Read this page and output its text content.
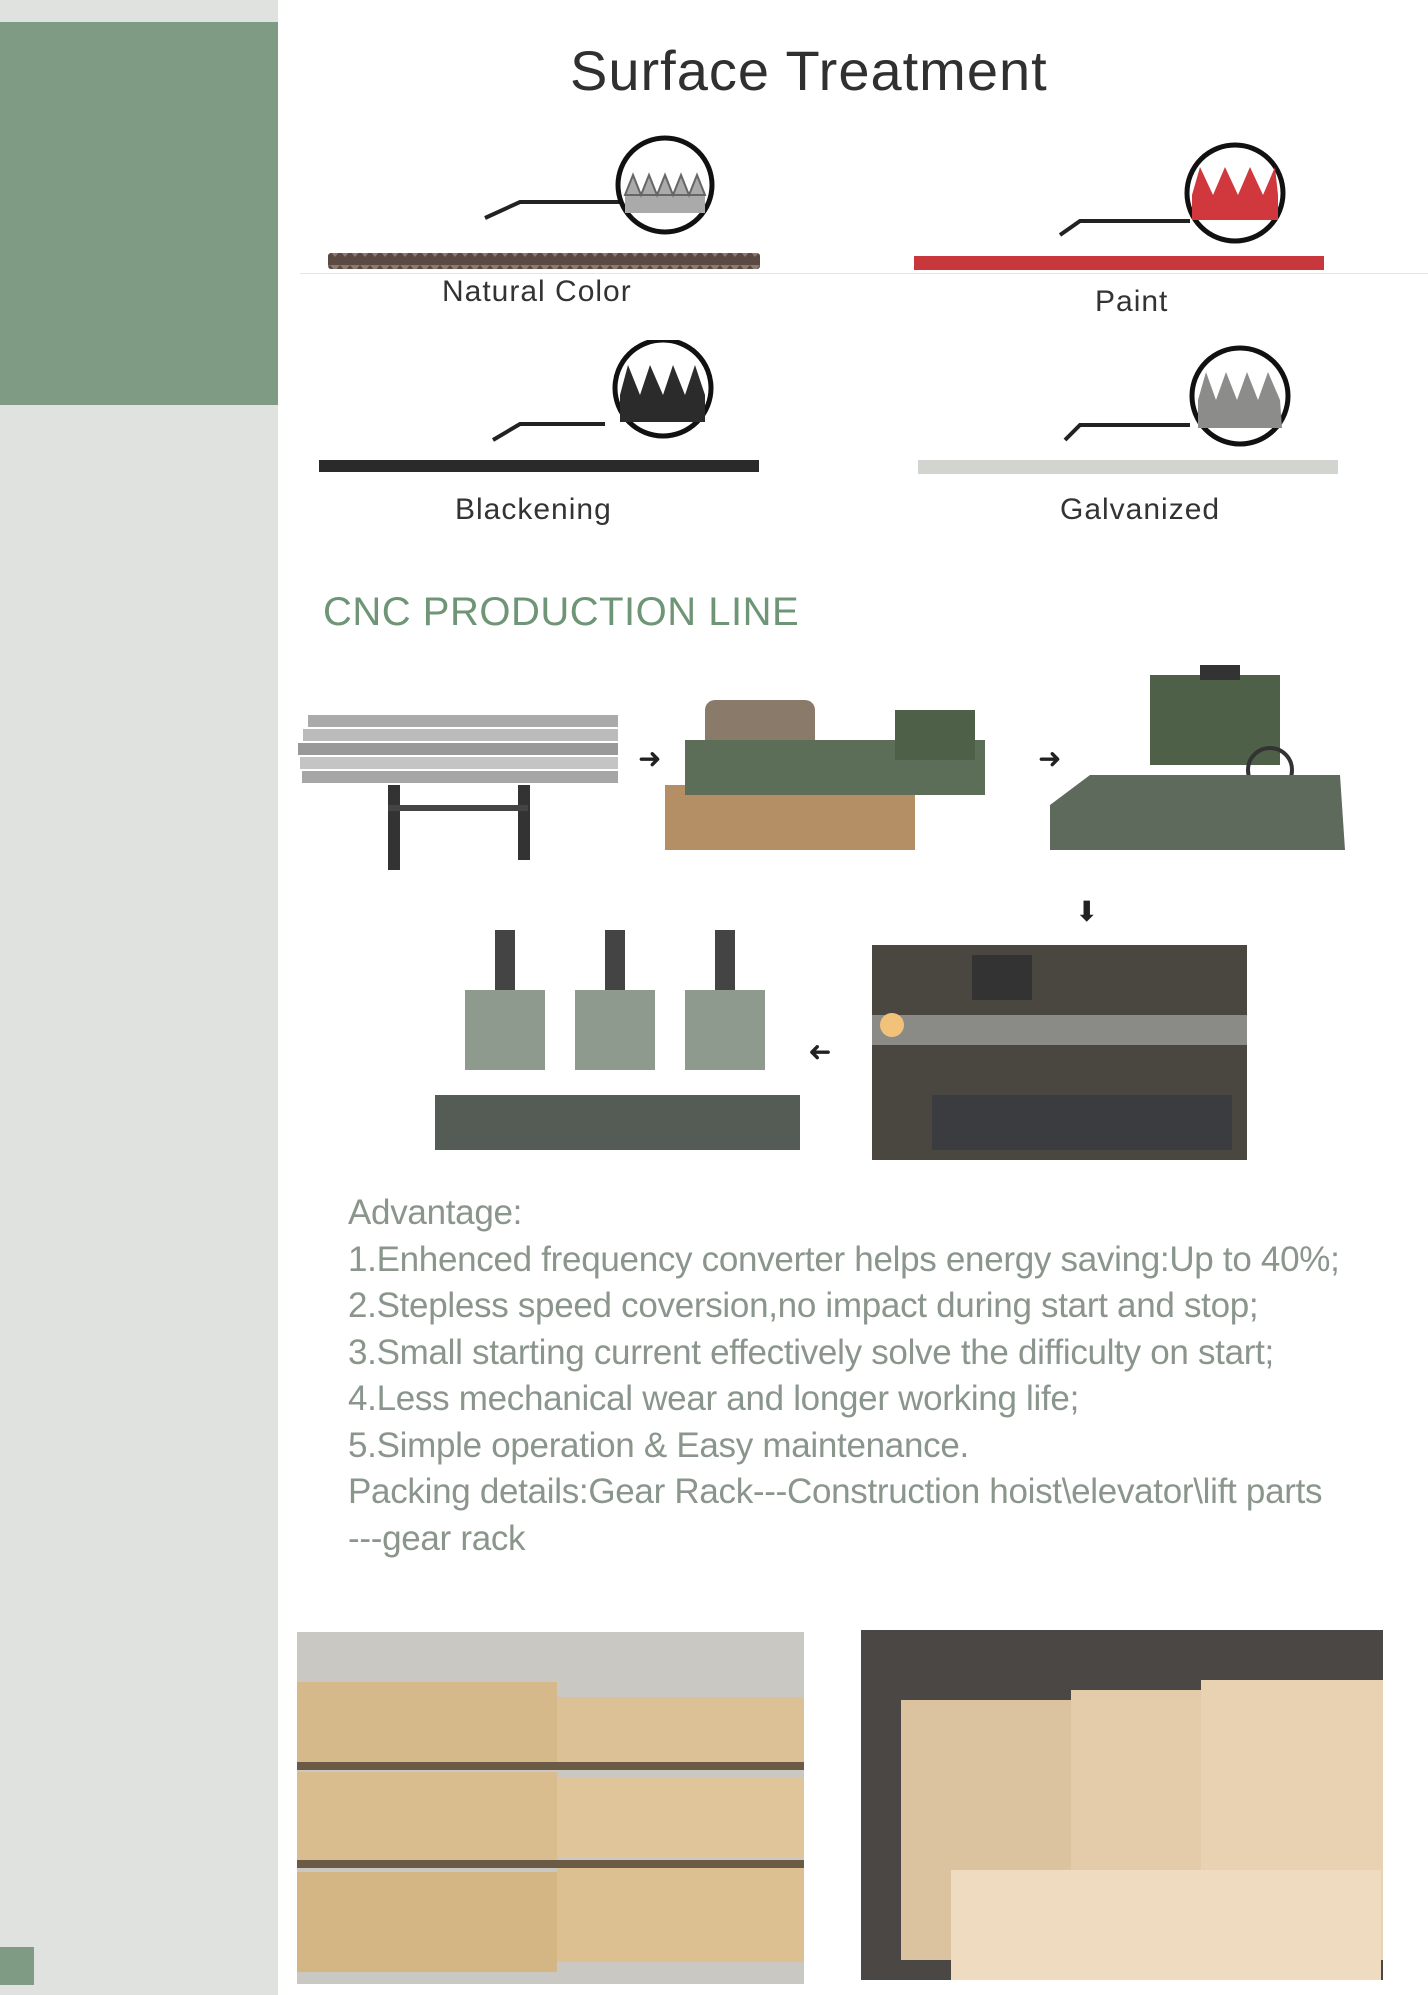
Surface Treatment
Natural Color	Paint
Blackening	Galvanized
CNC PRODUCTION LINE
➜	➜
⬇
➜
Advantage:
1.Enhenced frequency converter helps energy saving:Up to 40%;
2.Stepless speed coversion,no impact during start and stop;
3.Small starting current effectively solve the difficulty on start;
4.Less mechanical wear and longer working life;
5.Simple operation & Easy maintenance.
Packing details:Gear Rack---Construction hoist\elevator\lift parts
---gear rack
